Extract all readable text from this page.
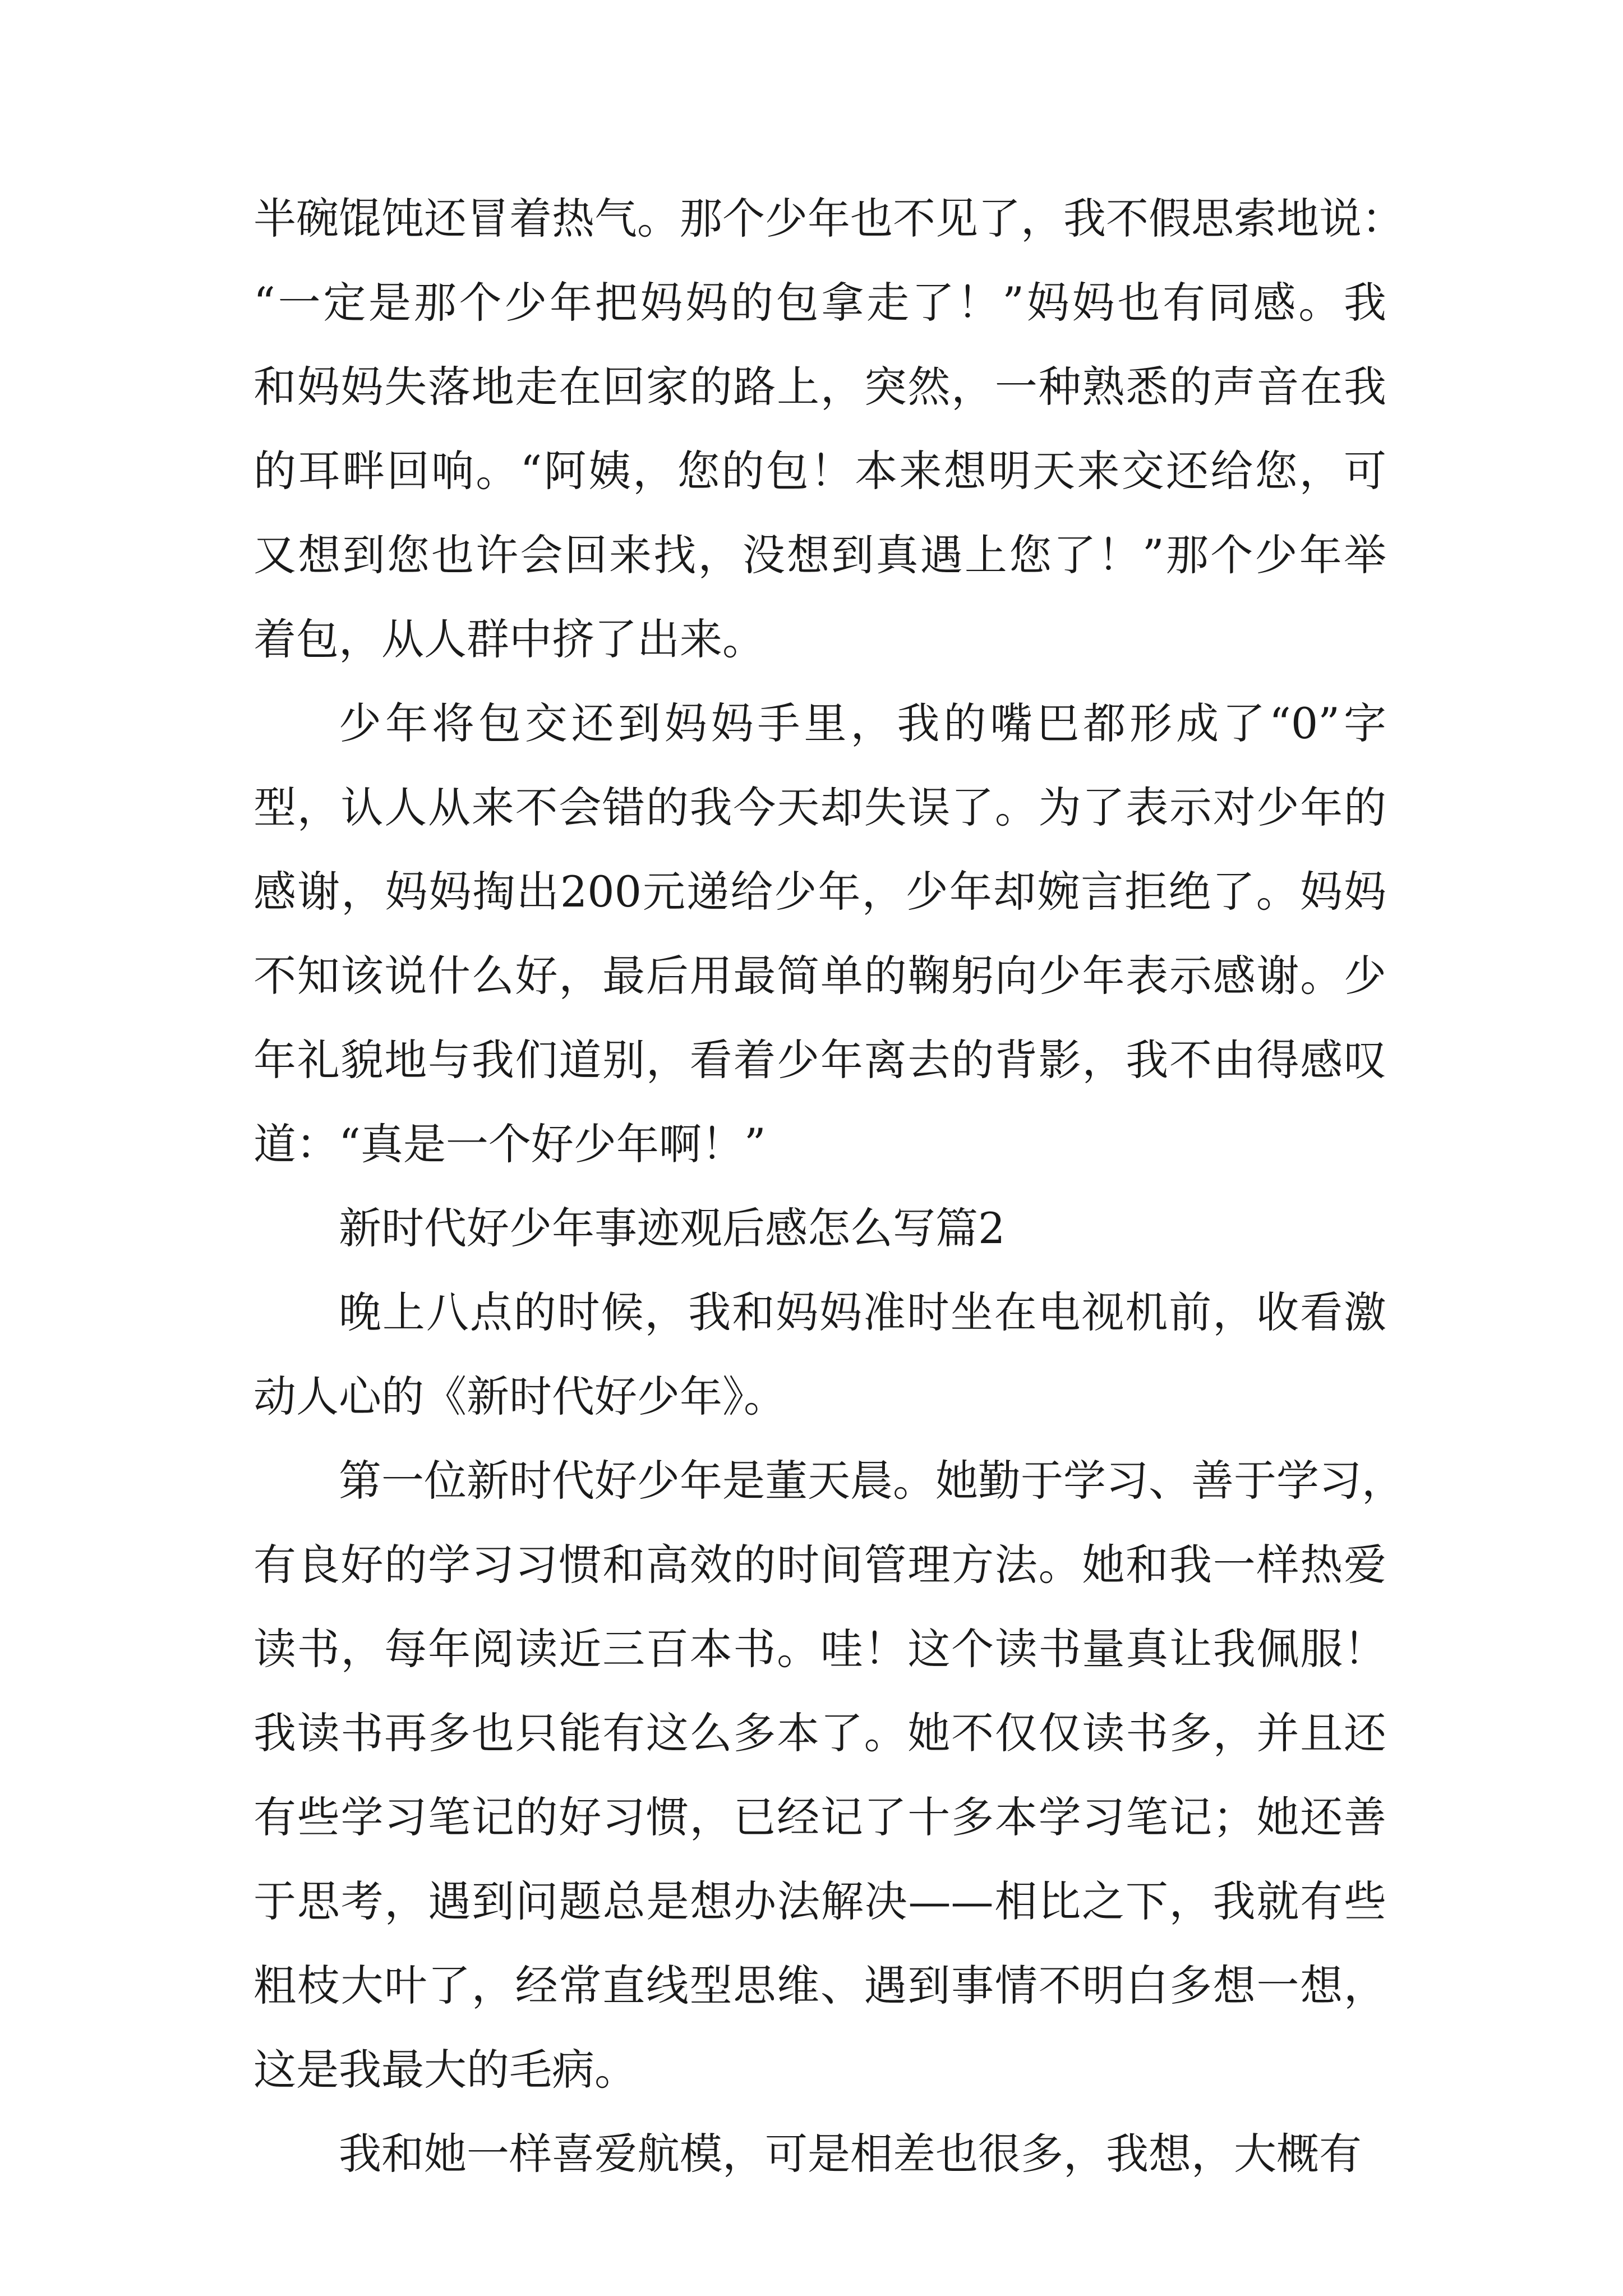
半碗馄饨还冒着热气。那个少年也不见了，我不假思索地说：
“一定是那个少年把妈妈的包拿走了！”妈妈也有同感。我
和妈妈失落地走在回家的路上，突然，一种熟悉的声音在我
的耳畔回响。“阿姨，您的包！本来想明天来交还给您，可
又想到您也许会回来找，没想到真遇上您了！”那个少年举
着包，从人群中挤了出来。
少年将包交还到妈妈手里，我的嘴巴都形成了“0”字
型，认人从来不会错的我今天却失误了。为了表示对少年的
感谢，妈妈掏出200元递给少年，少年却婉言拒绝了。妈妈
不知该说什么好，最后用最简单的鞠躬向少年表示感谢。少
年礼貌地与我们道别，看着少年离去的背影，我不由得感叹
道：“真是一个好少年啊！”
新时代好少年事迹观后感怎么写篇2
晚上八点的时候，我和妈妈准时坐在电视机前，收看激
动人心的《新时代好少年》。
第一位新时代好少年是董天晨。她勤于学习、善于学习，
有良好的学习习惯和高效的时间管理方法。她和我一样热爱
读书，每年阅读近三百本书。哇！这个读书量真让我佩服！
我读书再多也只能有这么多本了。她不仅仅读书多，并且还
有些学习笔记的好习惯，已经记了十多本学习笔记；她还善
于思考，遇到问题总是想办法解决——相比之下，我就有些
粗枝大叶了，经常直线型思维、遇到事情不明白多想一想，
这是我最大的毛病。
我和她一样喜爱航模，可是相差也很多，我想，大概有
